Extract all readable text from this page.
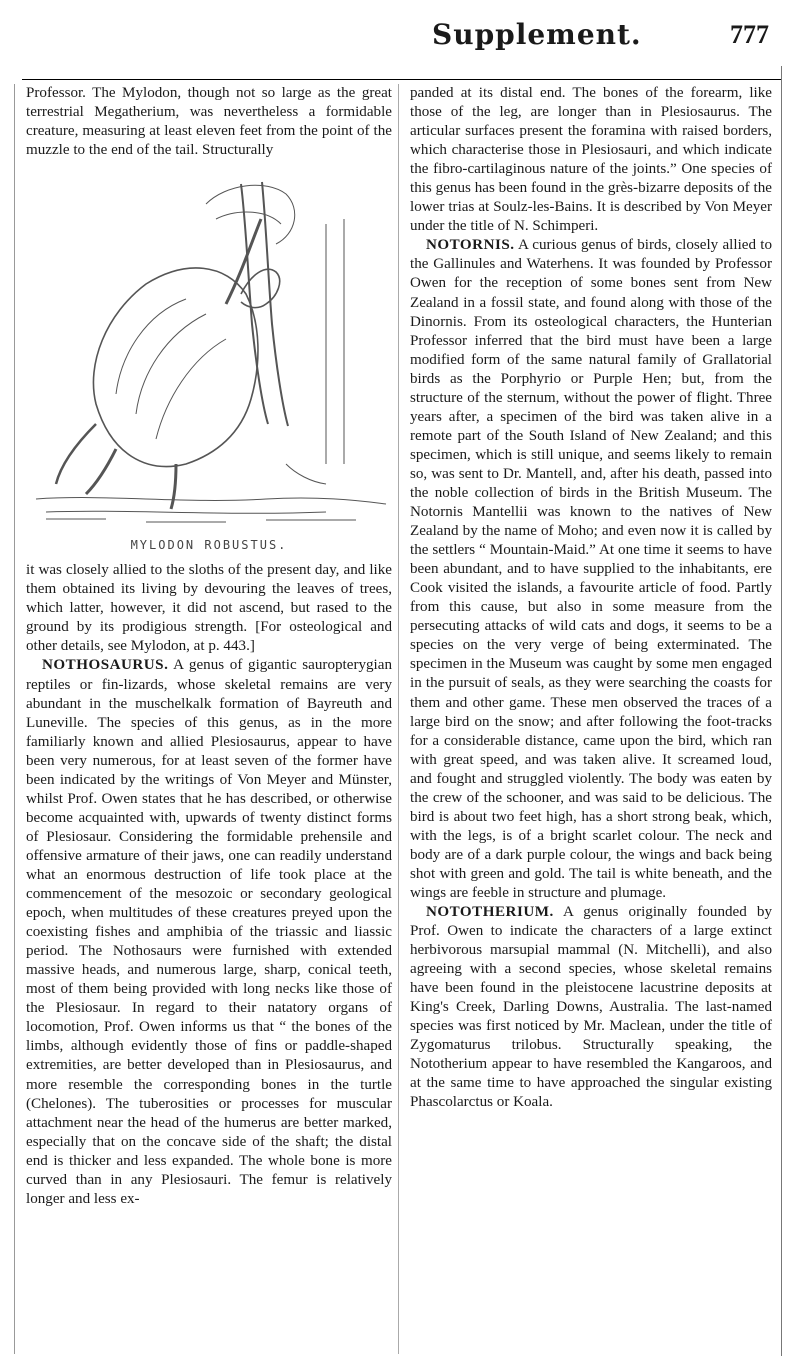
Supplement.	777

Professor. The Mylodon, though not so large as the great terrestrial Megatherium, was nevertheless a formidable creature, measuring at least eleven feet from the point of the muzzle to the end of the tail. Structurally

MYLODON ROBUSTUS.

it was closely allied to the sloths of the present day, and like them obtained its living by devouring the leaves of trees, which latter, however, it did not ascend, but rased to the ground by its prodigious strength. [For osteological and other details, see Mylodon, at p. 443.]

NOTHOSAURUS. A genus of gigantic sauropterygian reptiles or fin-lizards, whose skeletal remains are very abundant in the muschelkalk formation of Bayreuth and Luneville. The species of this genus, as in the more familiarly known and allied Plesiosaurus, appear to have been very numerous, for at least seven of the former have been indicated by the writings of Von Meyer and Münster, whilst Prof. Owen states that he has described, or otherwise become acquainted with, upwards of twenty distinct forms of Plesiosaur. Considering the formidable prehensile and offensive armature of their jaws, one can readily understand what an enormous destruction of life took place at the commencement of the mesozoic or secondary geological epoch, when multitudes of these creatures preyed upon the coexisting fishes and amphibia of the triassic and liassic period. The Nothosaurs were furnished with extended massive heads, and numerous large, sharp, conical teeth, most of them being provided with long necks like those of the Plesiosaur. In regard to their natatory organs of locomotion, Prof. Owen informs us that “ the bones of the limbs, although evidently those of fins or paddle-shaped extremities, are better developed than in Plesiosaurus, and more resemble the corresponding bones in the turtle (Chelones). The tuberosities or processes for muscular attachment near the head of the humerus are better marked, especially that on the concave side of the shaft; the distal end is thicker and less expanded. The whole bone is more curved than in any Plesiosauri. The femur is relatively longer and less ex-

panded at its distal end. The bones of the forearm, like those of the leg, are longer than in Plesiosaurus. The articular surfaces present the foramina with raised borders, which characterise those in Plesiosauri, and which indicate the fibro-cartilaginous nature of the joints.” One species of this genus has been found in the grès-bizarre deposits of the lower trias at Soulz-les-Bains. It is described by Von Meyer under the title of N. Schimperi.

NOTORNIS. A curious genus of birds, closely allied to the Gallinules and Waterhens. It was founded by Professor Owen for the reception of some bones sent from New Zealand in a fossil state, and found along with those of the Dinornis. From its osteological characters, the Hunterian Professor inferred that the bird must have been a large modified form of the same natural family of Grallatorial birds as the Porphyrio or Purple Hen; but, from the structure of the sternum, without the power of flight. Three years after, a specimen of the bird was taken alive in a remote part of the South Island of New Zealand; and this specimen, which is still unique, and seems likely to remain so, was sent to Dr. Mantell, and, after his death, passed into the noble collection of birds in the British Museum. The Notornis Mantellii was known to the natives of New Zealand by the name of Moho; and even now it is called by the settlers “ Mountain-Maid.” At one time it seems to have been abundant, and to have supplied to the inhabitants, ere Cook visited the islands, a favourite article of food. Partly from this cause, but also in some measure from the persecuting attacks of wild cats and dogs, it seems to be a species on the very verge of being exterminated. The specimen in the Museum was caught by some men engaged in the pursuit of seals, as they were searching the coasts for them and other game. These men observed the traces of a large bird on the snow; and after following the foot-tracks for a considerable distance, came upon the bird, which ran with great speed, and was taken alive. It screamed loud, and fought and struggled violently. The body was eaten by the crew of the schooner, and was said to be delicious. The bird is about two feet high, has a short strong beak, which, with the legs, is of a bright scarlet colour. The neck and body are of a dark purple colour, the wings and back being shot with green and gold. The tail is white beneath, and the wings are feeble in structure and plumage.

NOTOTHERIUM. A genus originally founded by Prof. Owen to indicate the characters of a large extinct herbivorous marsupial mammal (N. Mitchelli), and also agreeing with a second species, whose skeletal remains have been found in the pleistocene lacustrine deposits at King's Creek, Darling Downs, Australia. The last-named species was first noticed by Mr. Maclean, under the title of Zygomaturus trilobus. Structurally speaking, the Nototherium appear to have resembled the Kangaroos, and at the same time to have approached the singular existing Phascolarctus or Koala.
